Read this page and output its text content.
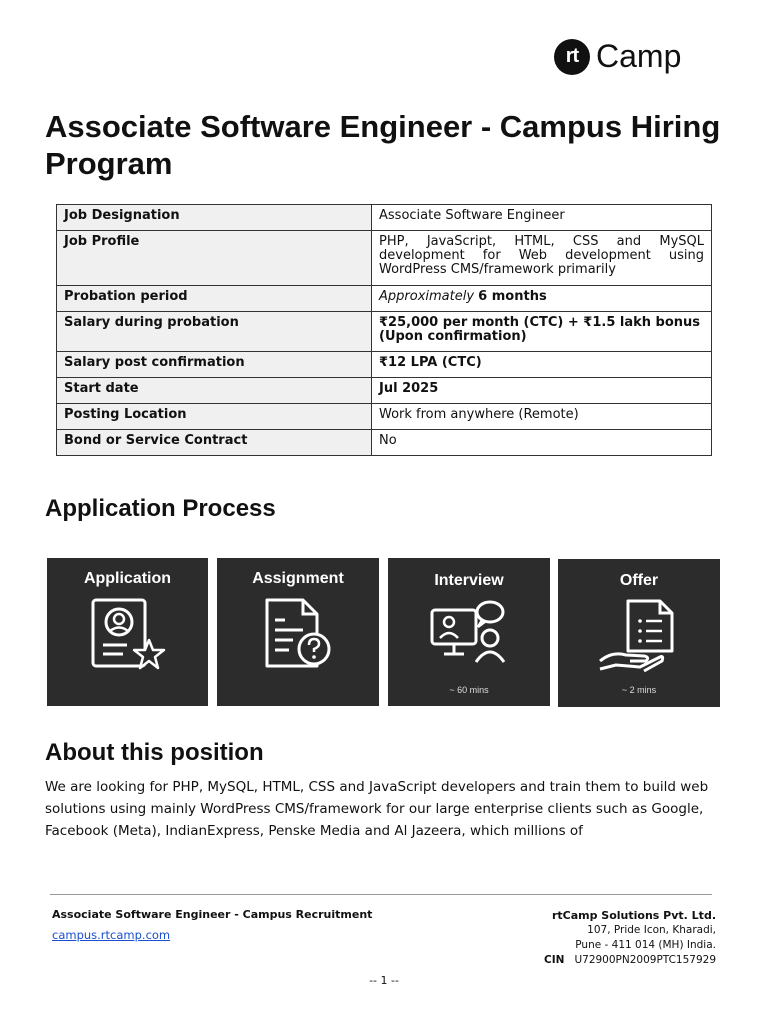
rt Camp
Associate Software Engineer - Campus Hiring Program
Job Designation	Associate Software Engineer
Job Profile	PHP, JavaScript, HTML, CSS and MySQL development for Web development using WordPress CMS/framework primarily
Probation period	Approximately 6 months
Salary during probation	₹25,000 per month (CTC) + ₹1.5 lakh bonus (Upon confirmation)
Salary post confirmation	₹12 LPA (CTC)
Start date	Jul 2025
Posting Location	Work from anywhere (Remote)
Bond or Service Contract	No
Application Process
Application	Assignment	Interview
~ 60 mins
Offer
~ 2 mins
About this position

We are looking for PHP, MySQL, HTML, CSS and JavaScript developers and train them to build web solutions using mainly WordPress CMS/framework for our large enterprise clients such as Google, Facebook (Meta), IndianExpress, Penske Media and Al Jazeera, which millions of

Associate Software Engineer - Campus Recruitment
campus.rtcamp.com
rtCamp Solutions Pvt. Ltd.
107, Pride Icon, Kharadi,
Pune - 411 014 (MH) India.
CIN U72900PN2009PTC157929
-- 1 --
